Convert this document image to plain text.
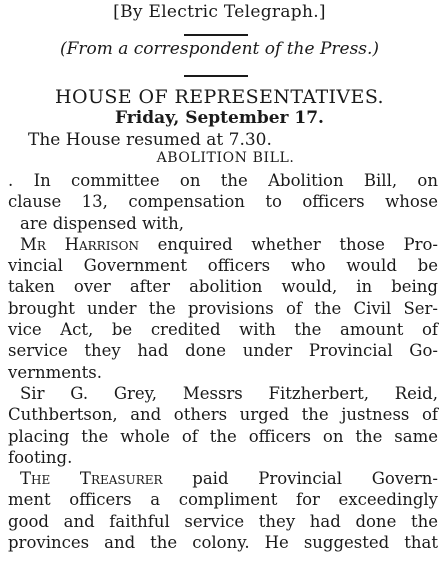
[By Electric Telegraph.]
(From a correspondent of the Press.)
HOUSE OF REPRESENTATIVES.
Friday, September 17.
The House resumed at 7.30.
ABOLITION BILL.
. In committee on the Abolition Bill, on
clause 13, compensation to officers whose
are dispensed with,
Mr Harrison enquired whether those Pro-
vincial Government officers who would be
taken over after abolition would, in being
brought under the provisions of the Civil Ser-
vice Act, be credited with the amount of
service they had done under Provincial Go-
vernments.
Sir G. Grey, Messrs Fitzherbert, Reid,
Cuthbertson, and others urged the justness of
placing the whole of the officers on the same
footing.
The Treasurer paid Provincial Govern-
ment officers a compliment for exceedingly
good and faithful service they had done the
provinces and the colony. He suggested that
